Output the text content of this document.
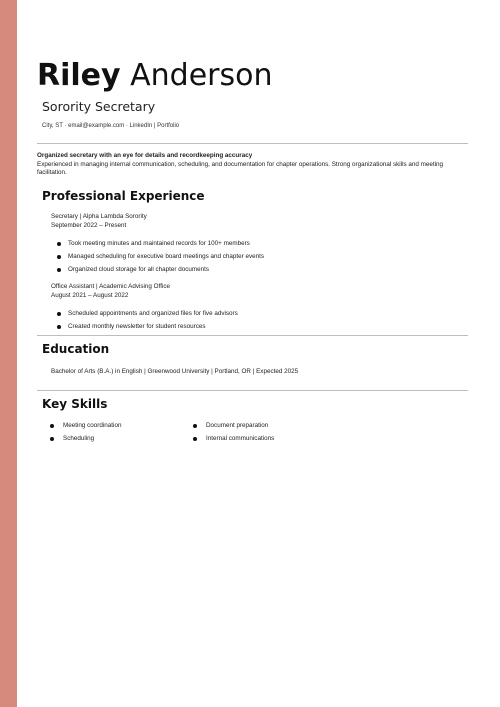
Riley Anderson
Sorority Secretary
City, ST · email@example.com · LinkedIn | Portfolio
Organized secretary with an eye for details and recordkeeping accuracy
Experienced in managing internal communication, scheduling, and documentation for chapter operations. Strong organizational skills and meeting facilitation.
Professional Experience
Secretary | Alpha Lambda Sorority
September 2022 – Present
Took meeting minutes and maintained records for 100+ members
Managed scheduling for executive board meetings and chapter events
Organized cloud storage for all chapter documents
Office Assistant | Academic Advising Office
August 2021 – August 2022
Scheduled appointments and organized files for five advisors
Created monthly newsletter for student resources
Education
Bachelor of Arts (B.A.) in English | Greenwood University | Portland, OR | Expected 2025
Key Skills
Meeting coordination
Scheduling
Document preparation
Internal communications
